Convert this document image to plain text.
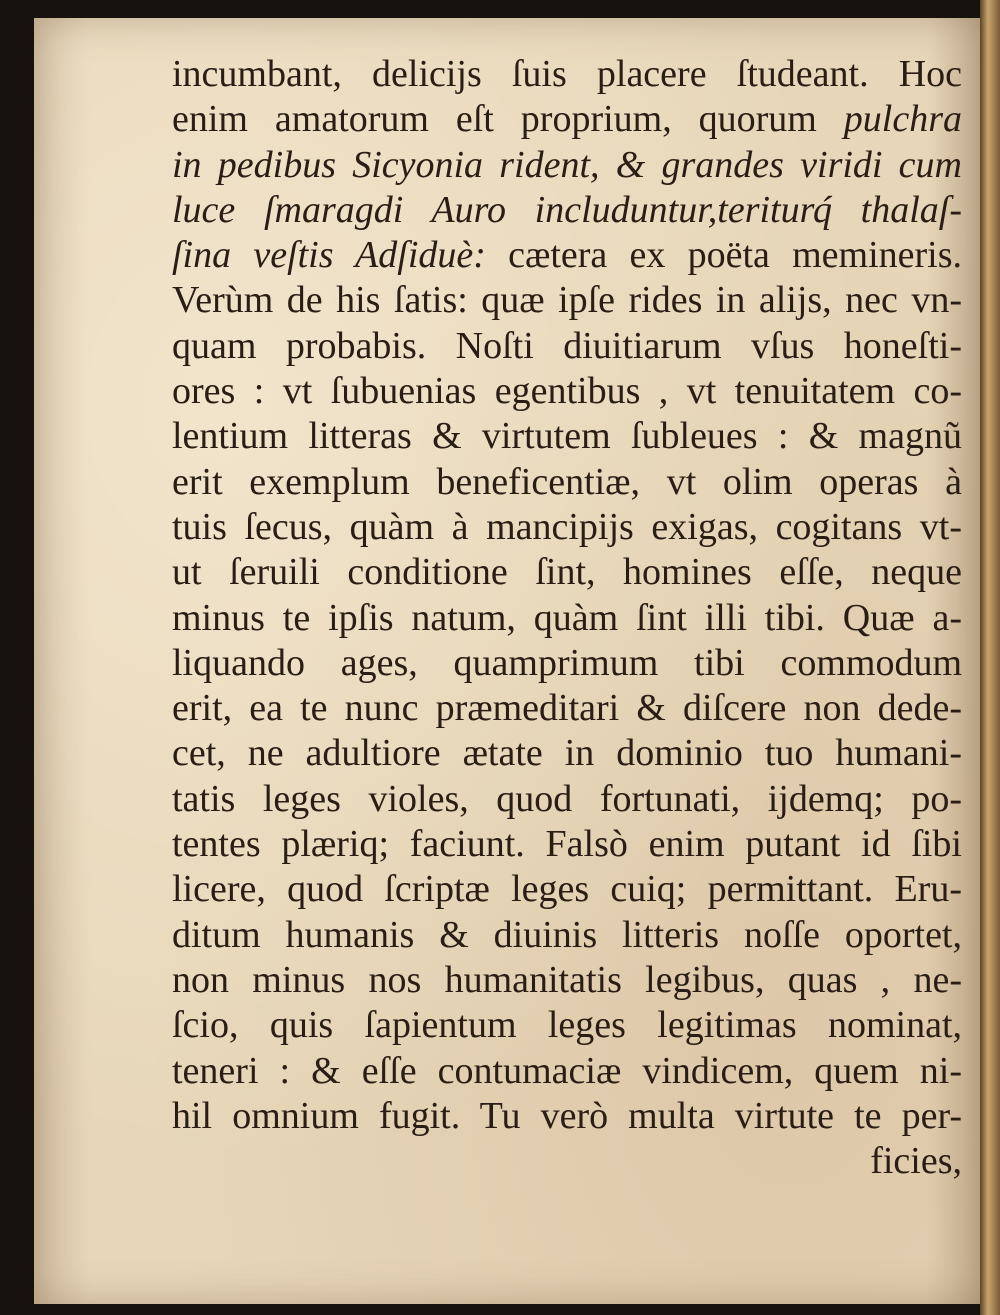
incumbant, delicijs ſuis placere ſtudeant. Hoc
enim amatorum eſt proprium, quorum pulchra
in pedibus Sicyonia rident, & grandes viridi cum
luce ſmaragdi Auro includuntur,teriturq́ thalaſ-
ſina veſtis Adſiduè: cætera ex poëta memineris.
Verùm de his ſatis: quæ ipſe rides in alijs, nec vn-
quam probabis. Noſti diuitiarum vſus honeſti-
ores : vt ſubuenias egentibus , vt tenuitatem co-
lentium litteras & virtutem ſubleues : & magnũ
erit exemplum beneficentiæ, vt olim operas à
tuis ſecus, quàm à mancipijs exigas, cogitans vt-
ut ſeruili conditione ſint, homines eſſe, neque
minus te ipſis natum, quàm ſint illi tibi. Quæ a-
liquando ages, quamprimum tibi commodum
erit, ea te nunc præmeditari & diſcere non dede-
cet, ne adultiore ætate in dominio tuo humani-
tatis leges violes, quod fortunati, ijdemq; po-
tentes plæriq; faciunt. Falsò enim putant id ſibi
licere, quod ſcriptæ leges cuiq; permittant. Eru-
ditum humanis & diuinis litteris noſſe oportet,
non minus nos humanitatis legibus, quas , ne-
ſcio, quis ſapientum leges legitimas nominat,
teneri : & eſſe contumaciæ vindicem, quem ni-
hil omnium fugit. Tu verò multa virtute te per-
ficies,
